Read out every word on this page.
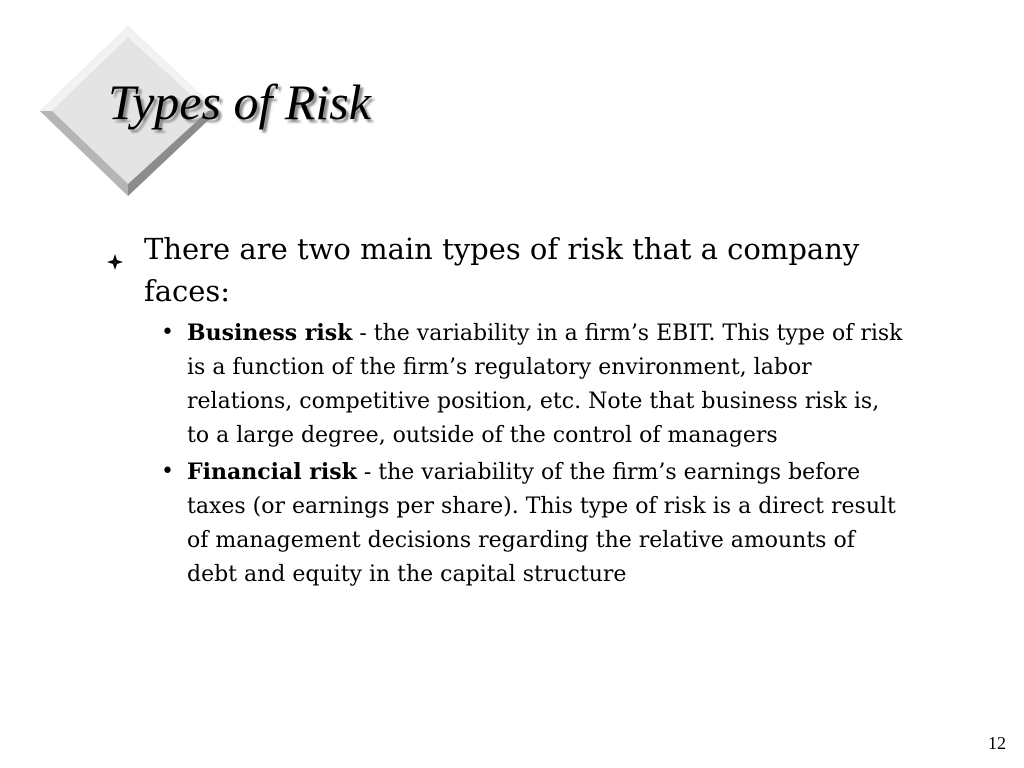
Types of Risk
There are two main types of risk that a company faces:
• Business risk - the variability in a firm’s EBIT. This type of risk is a function of the firm’s regulatory environment, labor relations, competitive position, etc. Note that business risk is, to a large degree, outside of the control of managers
• Financial risk - the variability of the firm’s earnings before taxes (or earnings per share). This type of risk is a direct result of management decisions regarding the relative amounts of debt and equity in the capital structure
12
